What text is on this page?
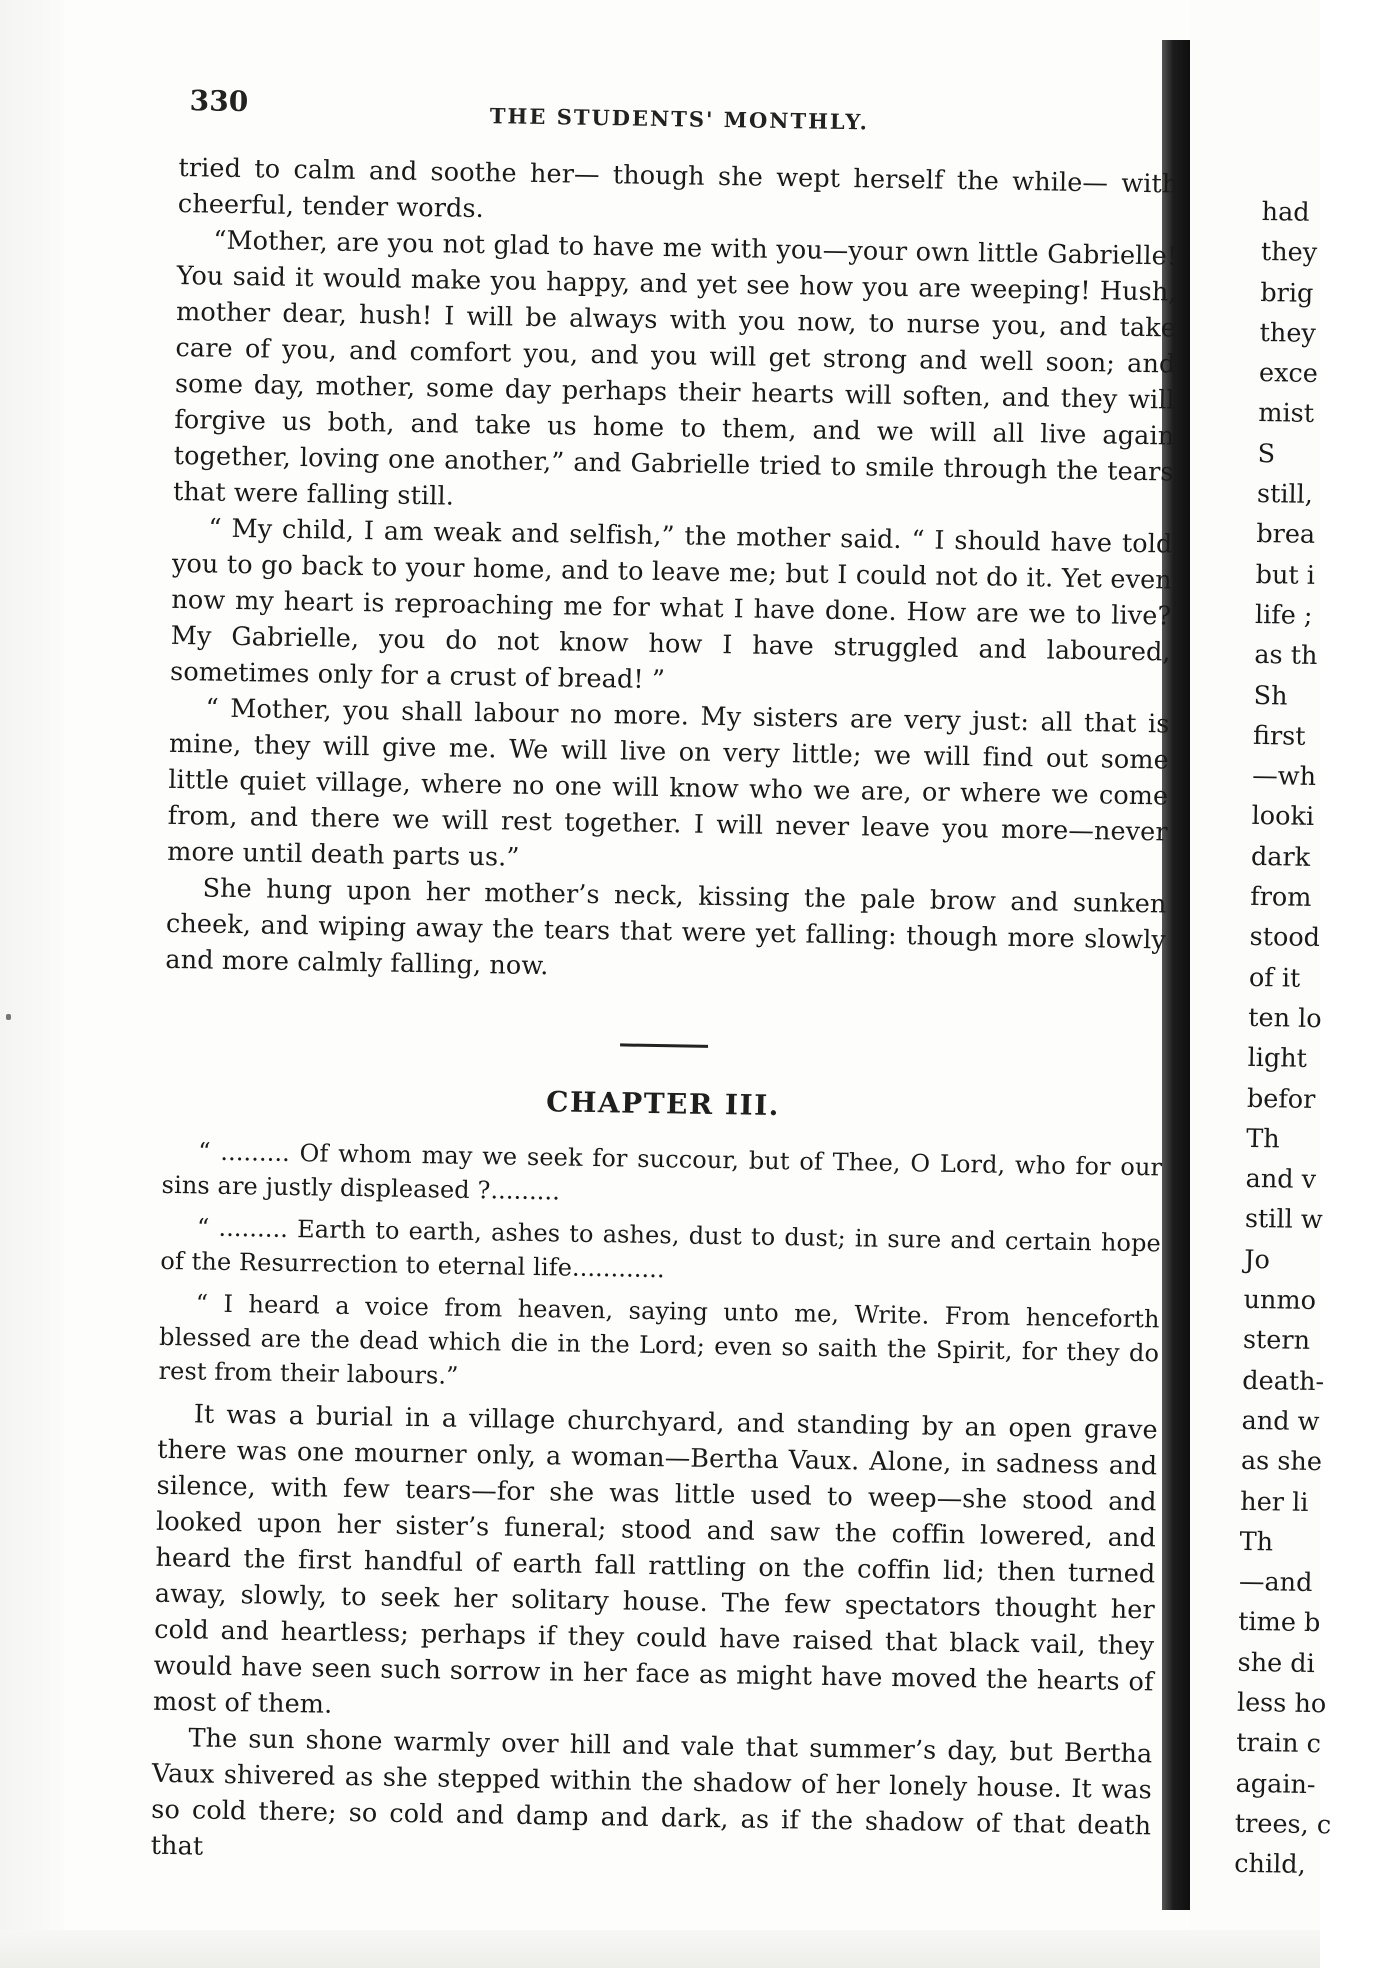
330
THE STUDENTS' MONTHLY.

tried to calm and soothe her— though she wept herself the while— with cheerful, tender words.

“Mother, are you not glad to have me with you—your own little Gabrielle! You said it would make you happy, and yet see how you are weeping! Hush, mother dear, hush! I will be always with you now, to nurse you, and take care of you, and comfort you, and you will get strong and well soon; and some day, mother, some day perhaps their hearts will soften, and they will forgive us both, and take us home to them, and we will all live again together, loving one another,” and Gabrielle tried to smile through the tears that were falling still.

“ My child, I am weak and selfish,” the mother said. “ I should have told you to go back to your home, and to leave me; but I could not do it. Yet even now my heart is reproaching me for what I have done. How are we to live? My Gabrielle, you do not know how I have struggled and laboured, sometimes only for a crust of bread! ”

“ Mother, you shall labour no more. My sisters are very just: all that is mine, they will give me. We will live on very little; we will find out some little quiet village, where no one will know who we are, or where we come from, and there we will rest together. I will never leave you more—never more until death parts us.”

She hung upon her mother’s neck, kissing the pale brow and sunken cheek, and wiping away the tears that were yet falling: though more slowly and more calmly falling, now.

CHAPTER III.

“ ......... Of whom may we seek for succour, but of Thee, O Lord, who for our sins are justly displeased ?.........

“ ......... Earth to earth, ashes to ashes, dust to dust; in sure and certain hope of the Resurrection to eternal life............

“ I heard a voice from heaven, saying unto me, Write. From henceforth blessed are the dead which die in the Lord; even so saith the Spirit, for they do rest from their labours.”

It was a burial in a village churchyard, and standing by an open grave there was one mourner only, a woman—Bertha Vaux. Alone, in sadness and silence, with few tears—for she was little used to weep—she stood and looked upon her sister’s funeral; stood and saw the coffin lowered, and heard the first handful of earth fall rattling on the coffin lid; then turned away, slowly, to seek her solitary house. The few spectators thought her cold and heartless; perhaps if they could have raised that black vail, they would have seen such sorrow in her face as might have moved the hearts of most of them.

The sun shone warmly over hill and vale that summer’s day, but Bertha Vaux shivered as she stepped within the shadow of her lonely house. It was so cold there; so cold and damp and dark, as if the shadow of that death that

had
they
brig
they
exce
mist
S
still,
brea
but i
life ;
as th
Sh
first
—wh
looki
dark
from
stood
of it
ten lo
light
befor
Th
and v
still w
Jo
unmo
stern
death-
and w
as she
her li
Th
—and
time b
she di
less ho
train c
again-
trees, c
child,
